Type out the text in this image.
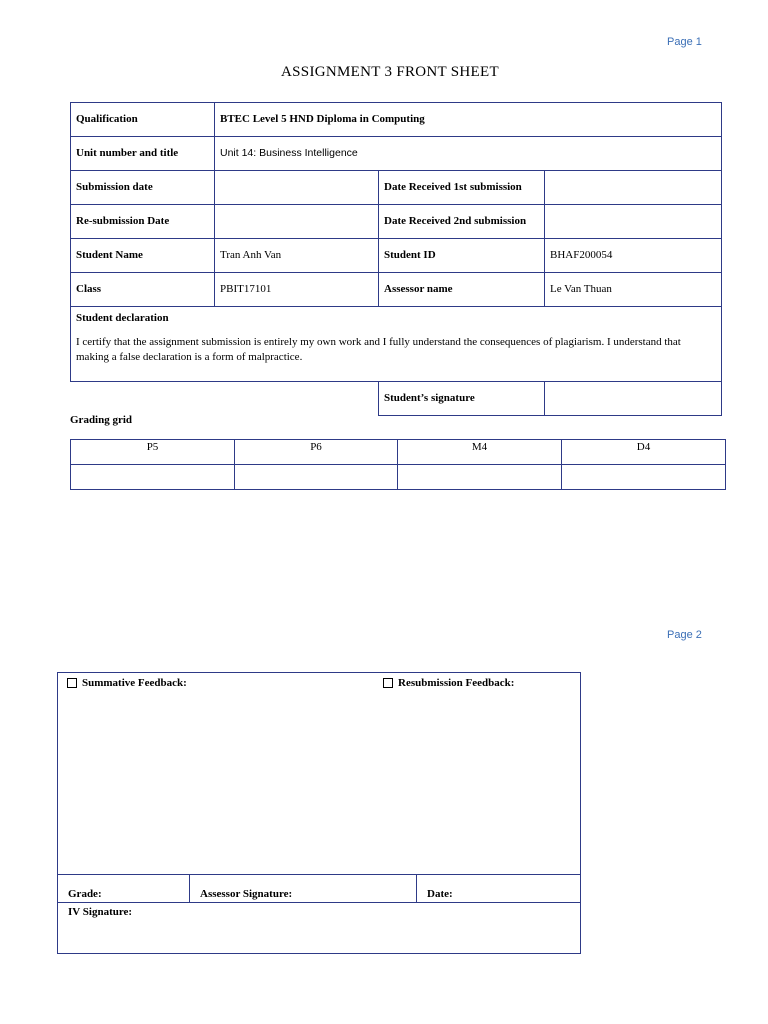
Page 1
ASSIGNMENT 3 FRONT SHEET
Qualification	BTEC Level 5 HND Diploma in Computing		
Unit number and title	Unit 14: Business Intelligence		
Submission date		Date Received 1st submission	
Re-submission Date		Date Received 2nd submission	
Student Name	Tran Anh Van	Student ID	BHAF200054
Class	PBIT17101	Assessor name	Le Van Thuan

Student declaration
I certify that the assignment submission is entirely my own work and I fully understand the consequences of plagiarism. I understand that making a false declaration is a form of malpractice.			

		Student’s signature	
Grading grid
P5	P6	M4	D4

Page 2
Summative Feedback:	Resubmission Feedback:
Grade:	Assessor Signature:	Date:
IV Signature:
